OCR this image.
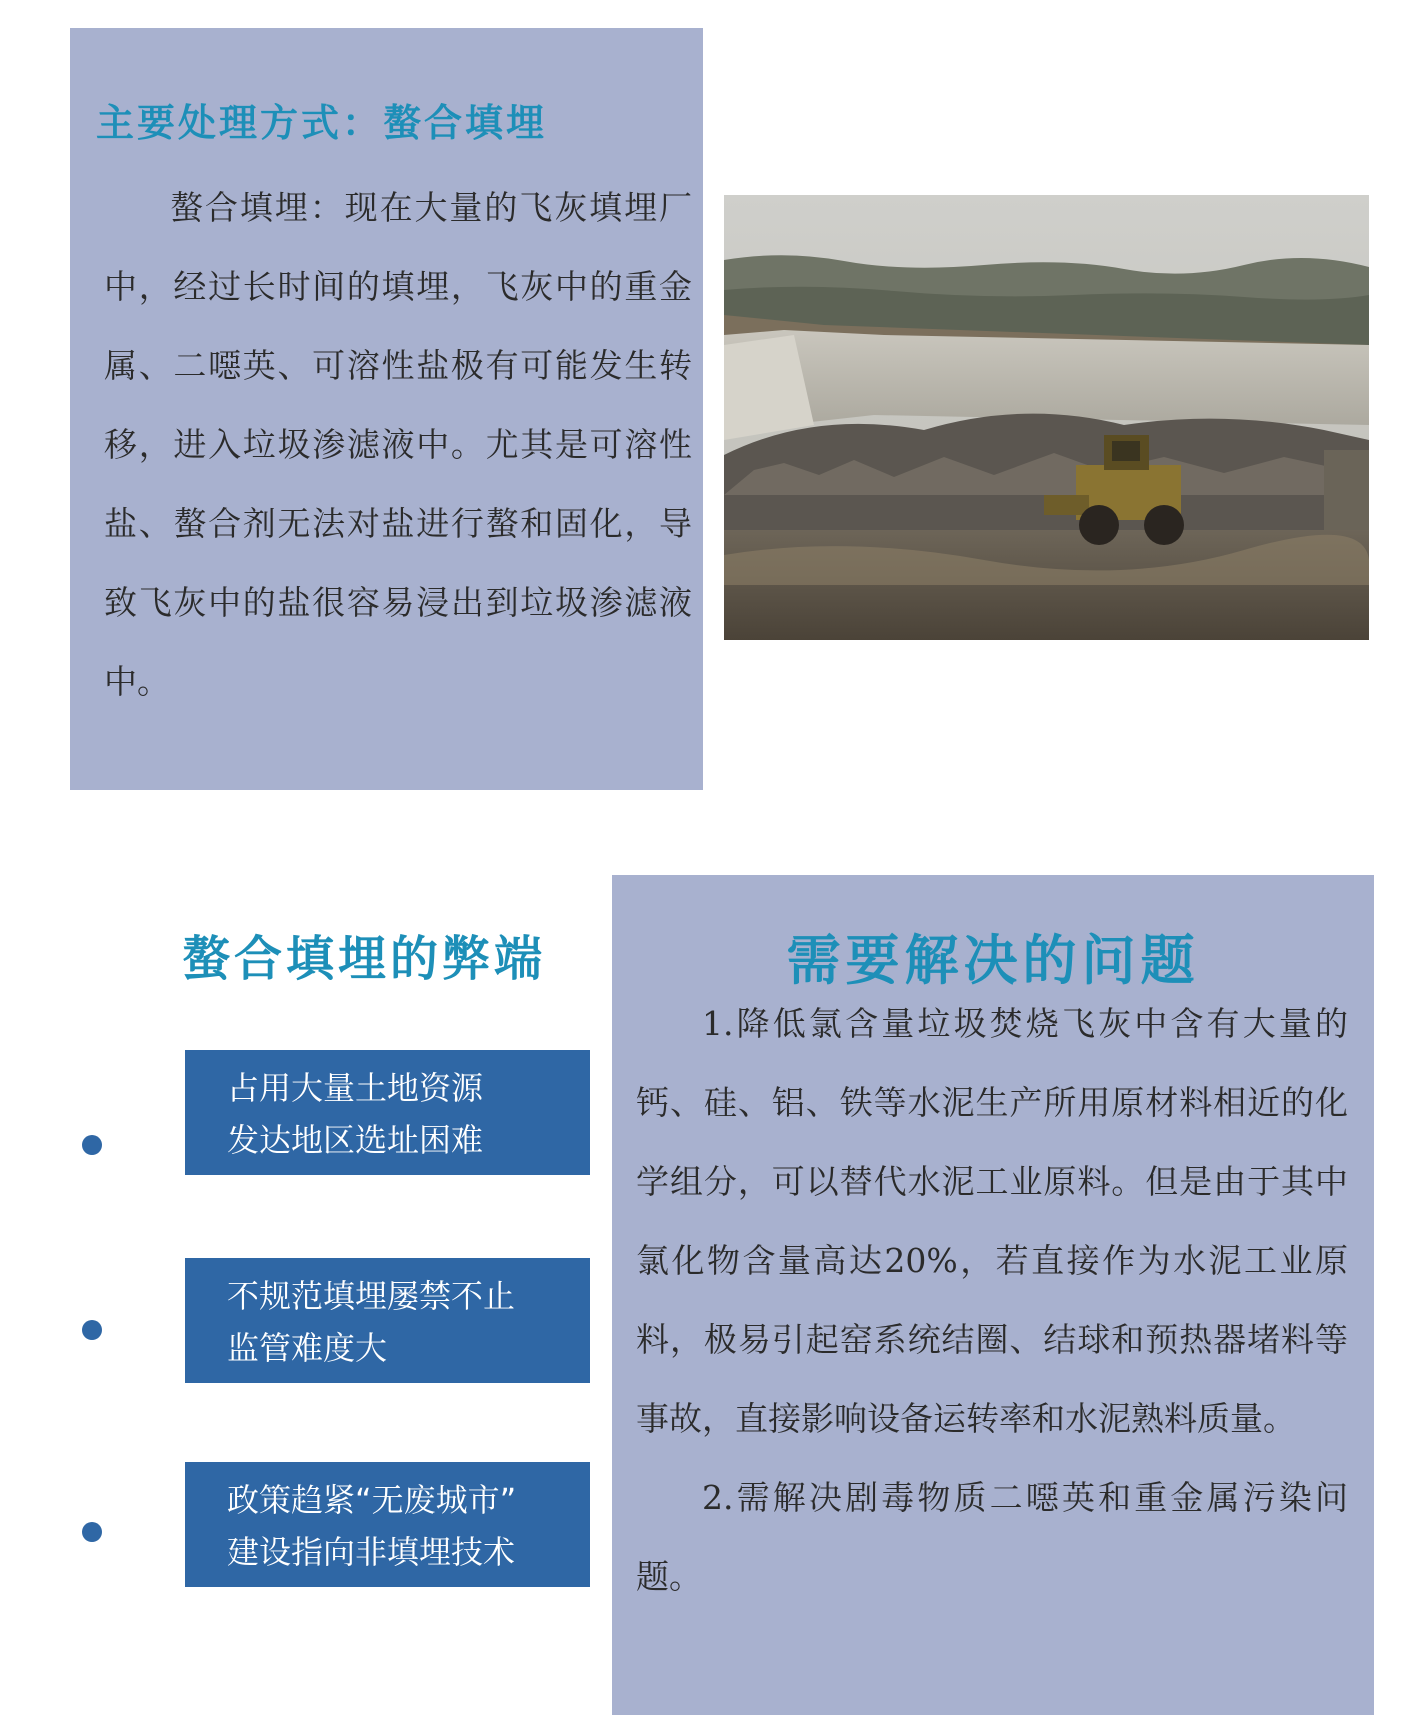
主要处理方式：螯合填埋

螯合填埋：现在大量的飞灰填埋厂中，经过长时间的填埋，飞灰中的重金属、二噁英、可溶性盐极有可能发生转移，进入垃圾渗滤液中。尤其是可溶性盐、螯合剂无法对盐进行螯和固化，导致飞灰中的盐很容易浸出到垃圾渗滤液中。

螯合填埋的弊端
占用大量土地资源
发达地区选址困难
不规范填埋屡禁不止
监管难度大
政策趋紧“无废城市”
建设指向非填埋技术
需要解决的问题

1.降低氯含量垃圾焚烧飞灰中含有大量的钙、硅、铝、铁等水泥生产所用原材料相近的化学组分，可以替代水泥工业原料。但是由于其中氯化物含量高达20%，若直接作为水泥工业原料，极易引起窑系统结圈、结球和预热器堵料等事故，直接影响设备运转率和水泥熟料质量。

2.需解决剧毒物质二噁英和重金属污染问题。
